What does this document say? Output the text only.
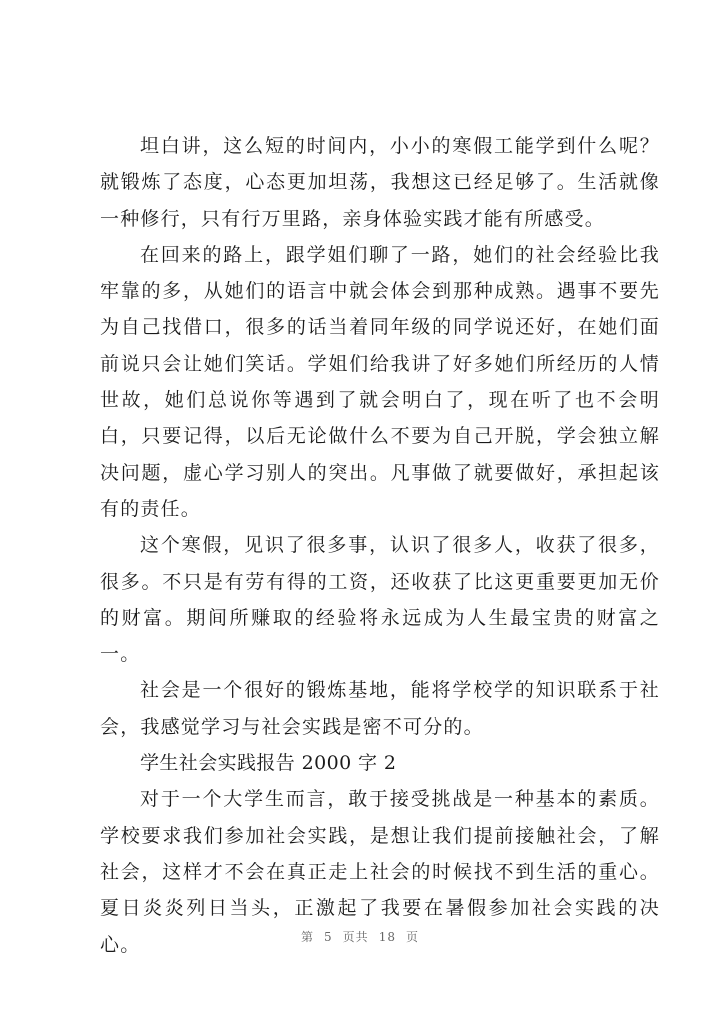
坦白讲，这么短的时间内，小小的寒假工能学到什么呢？就锻炼了态度，心态更加坦荡，我想这已经足够了。生活就像一种修行，只有行万里路，亲身体验实践才能有所感受。

在回来的路上，跟学姐们聊了一路，她们的社会经验比我牢靠的多，从她们的语言中就会体会到那种成熟。遇事不要先为自己找借口，很多的话当着同年级的同学说还好，在她们面前说只会让她们笑话。学姐们给我讲了好多她们所经历的人情世故，她们总说你等遇到了就会明白了，现在听了也不会明白，只要记得，以后无论做什么不要为自己开脱，学会独立解决问题，虚心学习别人的突出。凡事做了就要做好，承担起该有的责任。

这个寒假，见识了很多事，认识了很多人，收获了很多，很多。不只是有劳有得的工资，还收获了比这更重要更加无价的财富。期间所赚取的经验将永远成为人生最宝贵的财富之一。

社会是一个很好的锻炼基地，能将学校学的知识联系于社会，我感觉学习与社会实践是密不可分的。

学生社会实践报告 2000 字 2

对于一个大学生而言，敢于接受挑战是一种基本的素质。学校要求我们参加社会实践，是想让我们提前接触社会，了解社会，这样才不会在真正走上社会的时候找不到生活的重心。夏日炎炎列日当头，正激起了我要在暑假参加社会实践的决心。	第 5 页共 18 页
